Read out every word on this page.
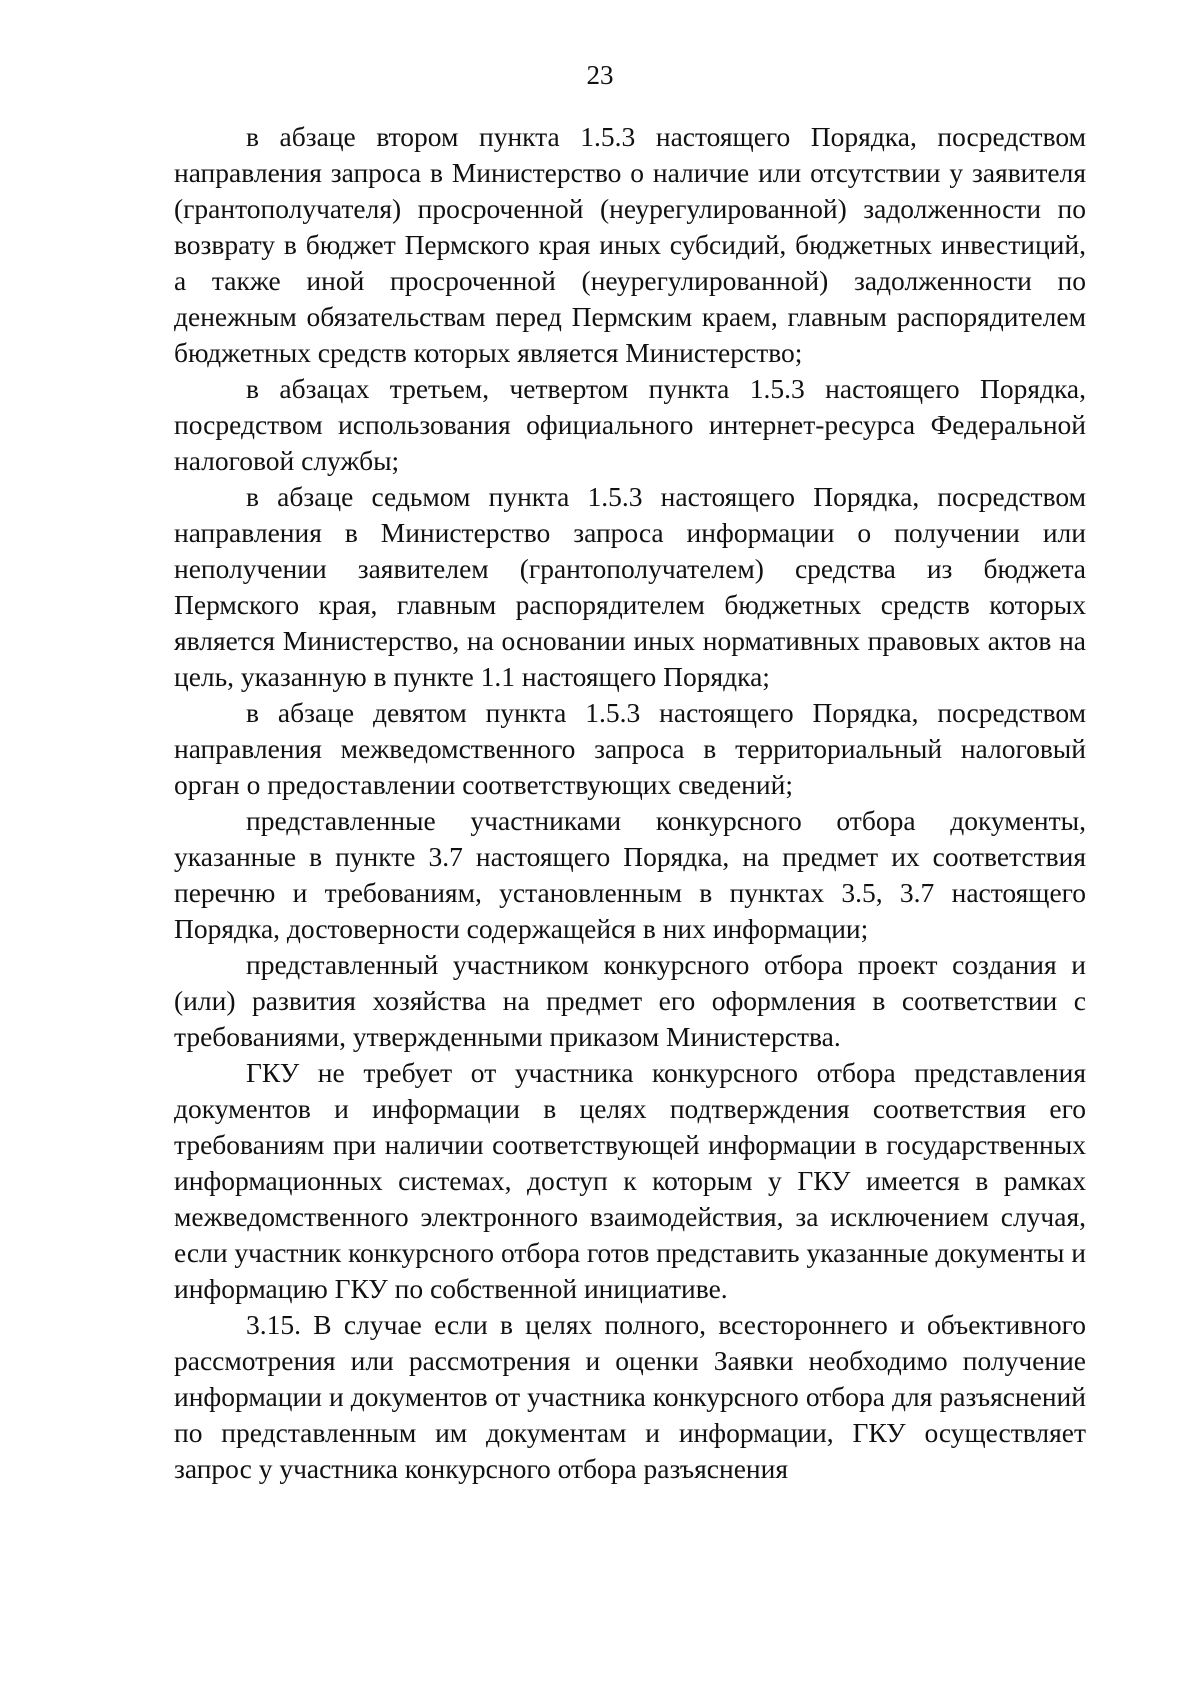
23

в абзаце втором пункта 1.5.3 настоящего Порядка, посредством направления запроса в Министерство о наличие или отсутствии у заявителя (грантополучателя) просроченной (неурегулированной) задолженности по возврату в бюджет Пермского края иных субсидий, бюджетных инвестиций, а также иной просроченной (неурегулированной) задолженности по денежным обязательствам перед Пермским краем, главным распорядителем бюджетных средств которых является Министерство;

в абзацах третьем, четвертом пункта 1.5.3 настоящего Порядка, посредством использования официального интернет-ресурса Федеральной налоговой службы;

в абзаце седьмом пункта 1.5.3 настоящего Порядка, посредством направления в Министерство запроса информации о получении или неполучении заявителем (грантополучателем) средства из бюджета Пермского края, главным распорядителем бюджетных средств которых является Министерство, на основании иных нормативных правовых актов на цель, указанную в пункте 1.1 настоящего Порядка;

в абзаце девятом пункта 1.5.3 настоящего Порядка, посредством направления межведомственного запроса в территориальный налоговый орган о предоставлении соответствующих сведений;

представленные участниками конкурсного отбора документы, указанные в пункте 3.7 настоящего Порядка, на предмет их соответствия перечню и требованиям, установленным в пунктах 3.5, 3.7 настоящего Порядка, достоверности содержащейся в них информации;

представленный участником конкурсного отбора проект создания и (или) развития хозяйства на предмет его оформления в соответствии с требованиями, утвержденными приказом Министерства.

ГКУ не требует от участника конкурсного отбора представления документов и информации в целях подтверждения соответствия его требованиям при наличии соответствующей информации в государственных информационных системах, доступ к которым у ГКУ имеется в рамках межведомственного электронного взаимодействия, за исключением случая, если участник конкурсного отбора готов представить указанные документы и информацию ГКУ по собственной инициативе.

3.15. В случае если в целях полного, всестороннего и объективного рассмотрения или рассмотрения и оценки Заявки необходимо получение информации и документов от участника конкурсного отбора для разъяснений по представленным им документам и информации, ГКУ осуществляет запрос у участника конкурсного отбора разъяснения
